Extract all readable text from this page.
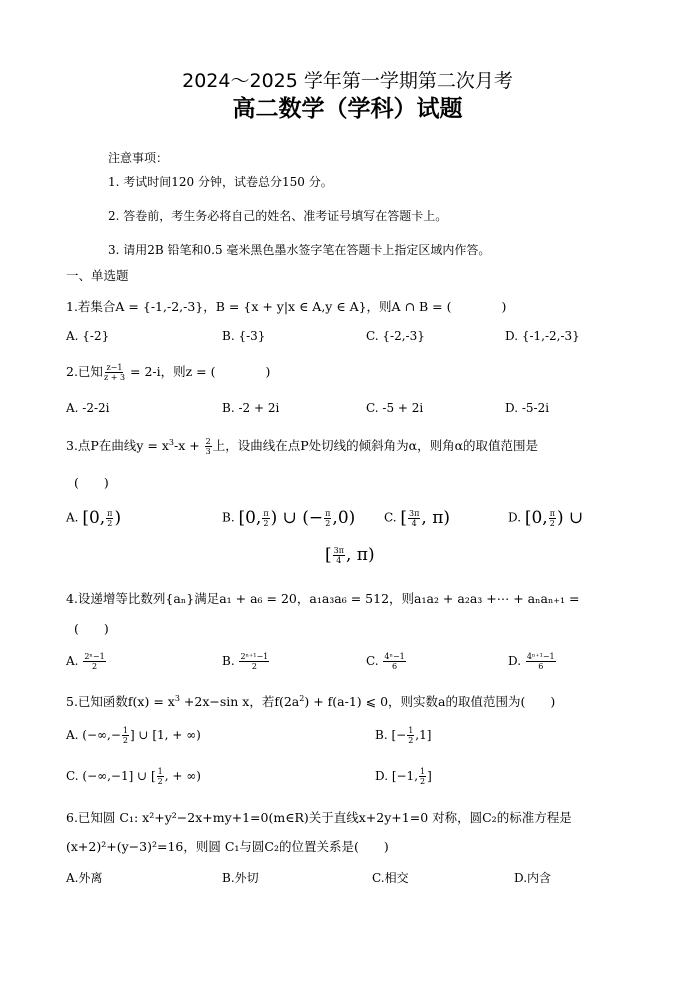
2024～2025 学年第一学期第二次月考
高二数学（学科）试题
注意事项：
1. 考试时间120 分钟，试卷总分150 分。
2. 答卷前，考生务必将自己的姓名、准考证号填写在答题卡上。
3. 请用2B 铅笔和0.5 毫米黑色墨水签字笔在答题卡上指定区域内作答。
一、单选题
1.若集合A = {-1,-2,-3}，B = {x + y|x ∈ A,y ∈ A}，则A ∩ B = (　　　　)
A. {-2}	B. {-3}	C. {-2,-3}	D. {-1,-2,-3}
2.已知 $\frac{z-1}{z + 3} = 2-i$，则z = (　　　　)
A. -2-2i	B. -2 + 2i	C. -5 + 2i	D. -5-2i
3.点P在曲线$y = x^3-x + \frac{2}{3}$ 上，设曲线在点P处切线的倾斜角为α，则角α的取值范围是
(　　)
A. [0, $\frac{\pi}{2}$ )	B. [0, $\frac{\pi}{2}$ ) ∪ (− $\frac{\pi}{2} ,0$) C. [ $\frac{3\pi}{4}$ , π)	D. [0, $\frac{\pi}{2}$ ) ∪
[ $\frac{3\pi}{4}$ , π)
4.设递增等比数列{aₙ}满足a₁ + a₆ = 20，a₁a₃a₆ = 512，则a₁a₂ + a₂a₃ +⋯ + aₙaₙ₊₁ =
(　　)
A. $\frac{\text{2ⁿ−1}}{2}$	B. $\frac{\text{2ⁿ⁺¹−1}}{2}$	C. $\frac{\text{4ⁿ−1}}{6}$	D. $\frac{\text{4ⁿ⁺¹−1}}{6}$
5.已知函数$f(x) = x^3 +2x-\sin$ x，若$f(2a^2) + f(a-1)$ ⩽ 0，则实数a的取值范围为(　　)
A. (−∞,− $\frac{1}{2}$ ] ∪ [1, + ∞)	B. [− $\frac{1}{2} ,1$]
C. (−∞,−1] ∪ [ $\frac{1}{2}$ , + ∞)	D. [−1, $\frac{1}{2}$ ]
6.已知圆 C₁: x²+y²−2x+my+1=0(m∈R)关于直线x+2y+1=0 对称，圆C₂的标准方程是
(x+2)²+(y−3)²=16，则圆 C₁与圆C₂的位置关系是(　　)
A.外离	B.外切	C.相交	D.内含
